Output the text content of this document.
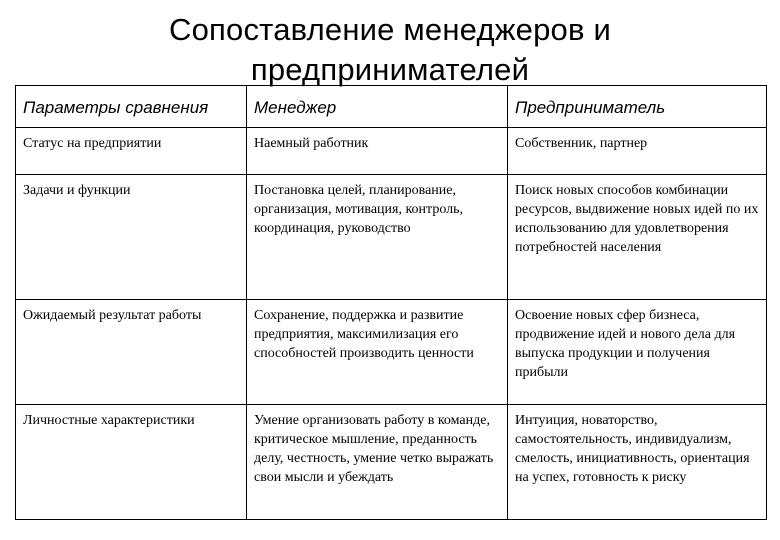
Сопоставление менеджеров и
предпринимателей
Параметры сравнения	Менеджер	Предприниматель
Статус на предприятии	Наемный работник	Собственник, партнер
Задачи и функции	Постановка целей, планирование, организация, мотивация, контроль, координация, руководство	Поиск новых способов комбинации ресурсов, выдвижение новых идей по их использованию для удовлетворения потребностей населения
Ожидаемый результат работы	Сохранение, поддержка и развитие предприятия, максимилизация его способностей производить ценности	Освоение новых сфер бизнеса, продвижение идей и нового дела для выпуска продукции и получения прибыли
Личностные характеристики	Умение организовать работу в команде, критическое мышление, преданность делу, честность, умение четко выражать свои мысли и убеждать	Интуиция, новаторство, самостоятельность, индивидуализм, смелость, инициативность, ориентация на успех, готовность к риску
